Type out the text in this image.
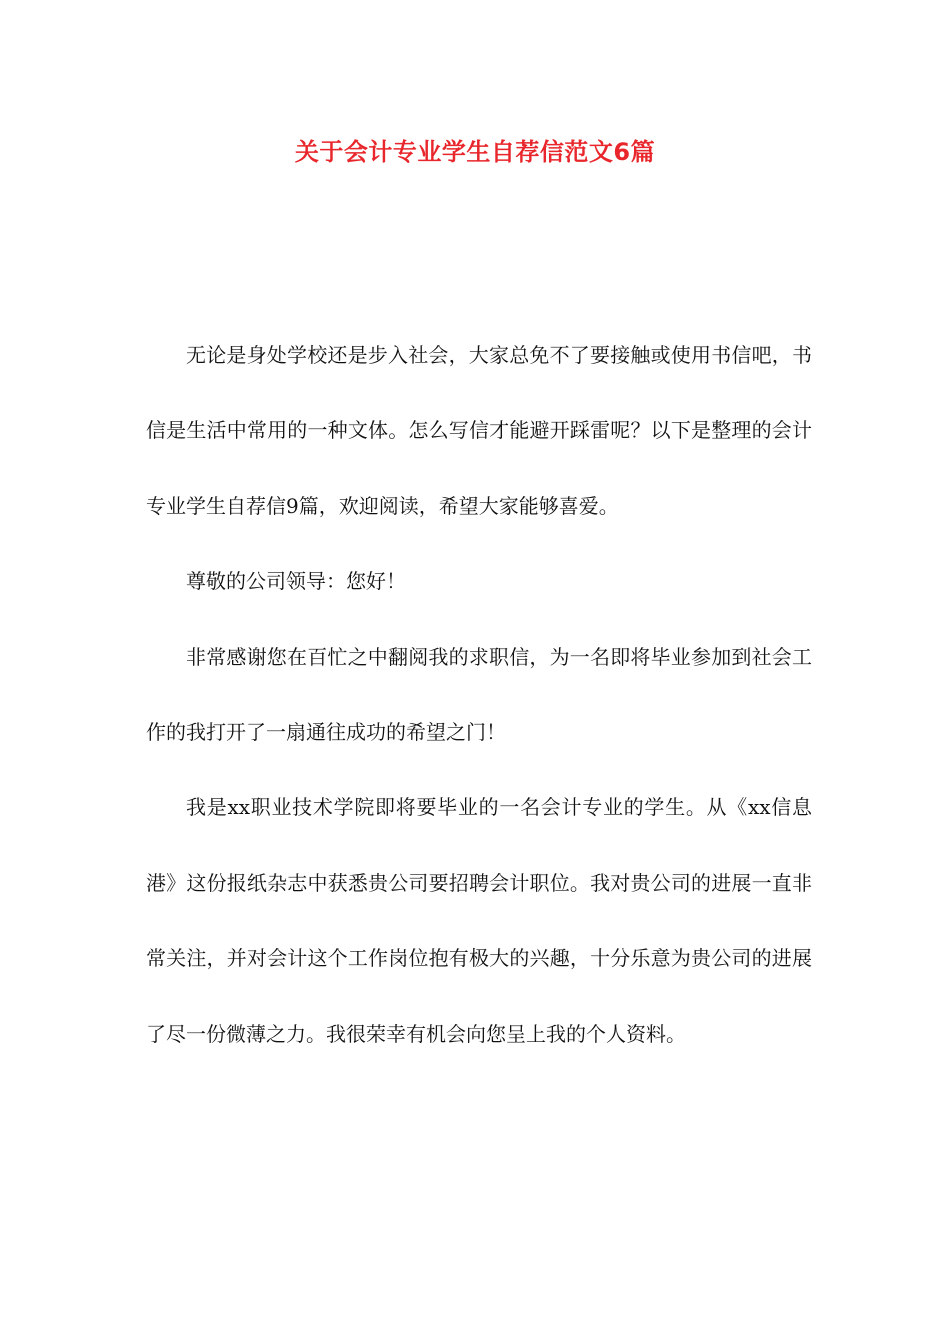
关于会计专业学生自荐信范文6篇

无论是身处学校还是步入社会，大家总免不了要接触或使用书信吧，书信是生活中常用的一种文体。怎么写信才能避开踩雷呢？以下是整理的会计专业学生自荐信9篇，欢迎阅读，希望大家能够喜爱。

尊敬的公司领导：您好！

非常感谢您在百忙之中翻阅我的求职信，为一名即将毕业参加到社会工作的我打开了一扇通往成功的希望之门！

我是xx职业技术学院即将要毕业的一名会计专业的学生。从《xx信息港》这份报纸杂志中获悉贵公司要招聘会计职位。我对贵公司的进展一直非常关注，并对会计这个工作岗位抱有极大的兴趣，十分乐意为贵公司的进展了尽一份微薄之力。我很荣幸有机会向您呈上我的个人资料。
